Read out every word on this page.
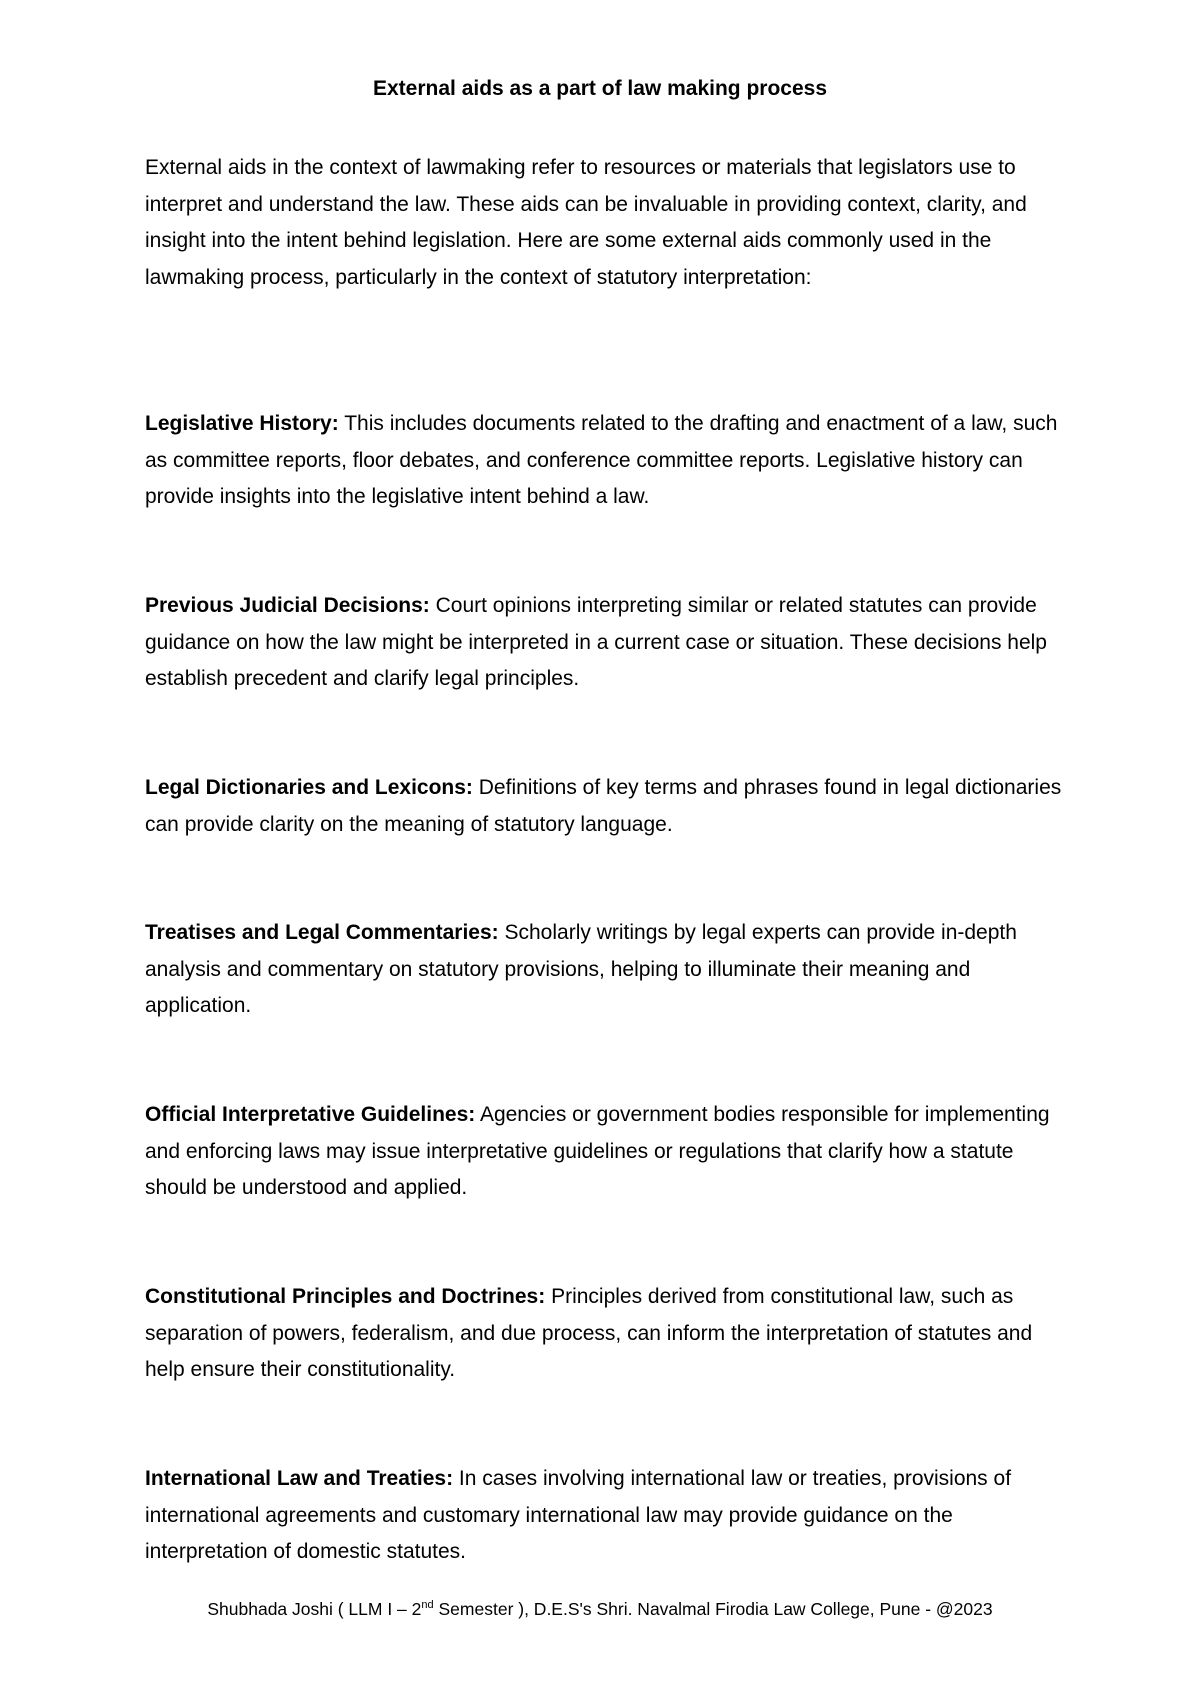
External aids as a part of law making process

External aids in the context of lawmaking refer to resources or materials that legislators use to interpret and understand the law. These aids can be invaluable in providing context, clarity, and insight into the intent behind legislation. Here are some external aids commonly used in the lawmaking process, particularly in the context of statutory interpretation:

Legislative History: This includes documents related to the drafting and enactment of a law, such as committee reports, floor debates, and conference committee reports. Legislative history can provide insights into the legislative intent behind a law.

Previous Judicial Decisions: Court opinions interpreting similar or related statutes can provide guidance on how the law might be interpreted in a current case or situation. These decisions help establish precedent and clarify legal principles.

Legal Dictionaries and Lexicons: Definitions of key terms and phrases found in legal dictionaries can provide clarity on the meaning of statutory language.

Treatises and Legal Commentaries: Scholarly writings by legal experts can provide in-depth analysis and commentary on statutory provisions, helping to illuminate their meaning and application.

Official Interpretative Guidelines: Agencies or government bodies responsible for implementing and enforcing laws may issue interpretative guidelines or regulations that clarify how a statute should be understood and applied.

Constitutional Principles and Doctrines: Principles derived from constitutional law, such as separation of powers, federalism, and due process, can inform the interpretation of statutes and help ensure their constitutionality.

International Law and Treaties: In cases involving international law or treaties, provisions of international agreements and customary international law may provide guidance on the interpretation of domestic statutes.

Shubhada Joshi ( LLM I – 2nd Semester ), D.E.S's Shri. Navalmal Firodia Law College, Pune - @2023
